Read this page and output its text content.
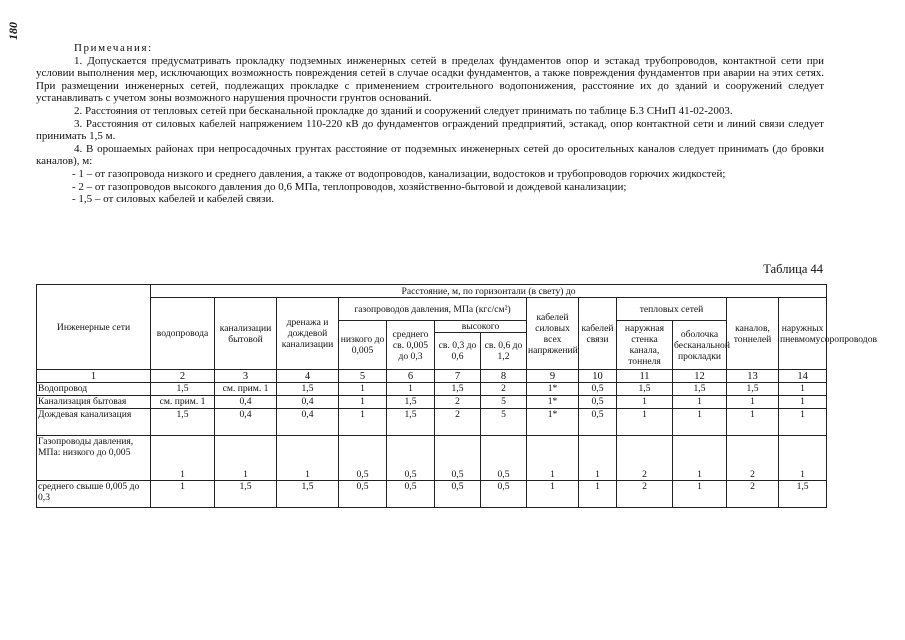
180

Примечания:

1. Допускается предусматривать прокладку подземных инженерных сетей в пределах фундаментов опор и эстакад трубопроводов, контактной сети при условии выполнения мер, исключающих возможность повреждения сетей в случае осадки фундаментов, а также повреждения фундаментов при аварии на этих сетях. При размещении инженерных сетей, подлежащих прокладке с применением строительного водопонижения, расстояние их до зданий и сооружений следует устанавливать с учетом зоны возможного нарушения прочности грунтов оснований.

2. Расстояния от тепловых сетей при бесканальной прокладке до зданий и сооружений следует принимать по таблице Б.3 СНиП 41-02-2003.

3. Расстояния от силовых кабелей напряжением 110-220 кВ до фундаментов ограждений предприятий, эстакад, опор контактной сети и линий связи следует принимать 1,5 м.

4. В орошаемых районах при непросадочных грунтах расстояние от подземных инженерных сетей до оросительных каналов следует принимать (до бровки каналов), м:

- 1 – от газопровода низкого и среднего давления, а также от водопроводов, канализации, водостоков и трубопроводов горючих жидкостей;

- 2 – от газопроводов высокого давления до 0,6 МПа, теплопроводов, хозяйственно-бытовой и дождевой канализации;

- 1,5 – от силовых кабелей и кабелей связи.

Таблица 44
Инженерные сети	Расстояние, м, по горизонтали (в свету) до												
	водопровода	канализации бытовой	дренажа и дождевой канализации	газопроводов давления, МПа (кгс/см²)				кабелей силовых всех напряжений	кабелей связи	тепловых сетей		каналов, тоннелей	наружных пневмомусоропроводов
				низкого до 0,005	среднего св. 0,005 до 0,3	высокого				наружная стенка канала, тоннеля	оболочка бесканальной прокладки		
						св. 0,3 до 0,6	св. 0,6 до 1,2						
1	2	3	4	5	6	7	8	9	10	11	12	13	14
Водопровод	1,5	см. прим. 1	1,5	1	1	1,5	2	1*	0,5	1,5	1,5	1,5	1
Канализация бытовая	см. прим. 1	0,4	0,4	1	1,5	2	5	1*	0,5	1	1	1	1
Дождевая канализация	1,5	0,4	0,4	1	1,5	2	5	1*	0,5	1	1	1	1
Газопроводы давления, МПа: низкого до 0,005	1	1	1	0,5	0,5	0,5	0,5	1	1	2	1	2	1
среднего свыше 0,005 до 0,3	1	1,5	1,5	0,5	0,5	0,5	0,5	1	1	2	1	2	1,5
